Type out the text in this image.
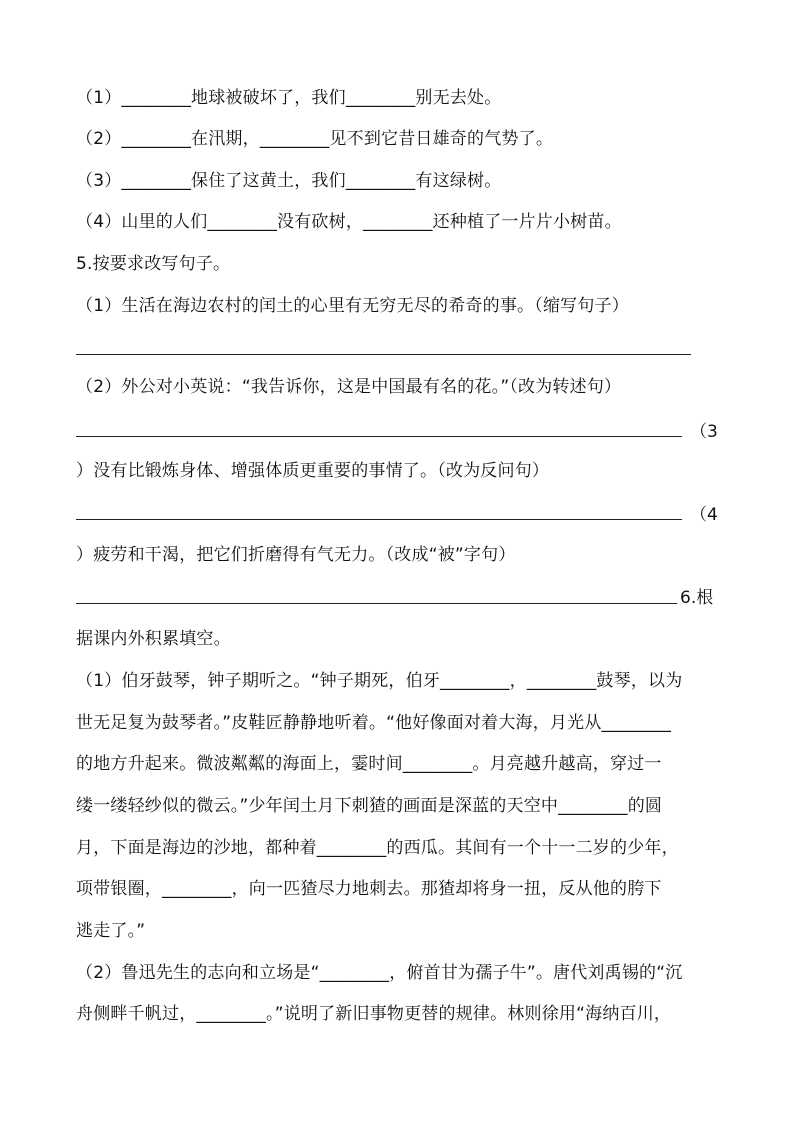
（1）________地球被破坏了，我们________别无去处。
（2）________在汛期，________见不到它昔日雄奇的气势了。
（3）________保住了这黄土，我们________有这绿树。
（4）山里的人们________没有砍树，________还种植了一片片小树苗。
5.按要求改写句子。
（1）生活在海边农村的闰土的心里有无穷无尽的希奇的事。（缩写句子）
（2）外公对小英说：“我告诉你，这是中国最有名的花。”（改为转述句）
（3
）没有比锻炼身体、增强体质更重要的事情了。（改为反问句）
（4
）疲劳和干渴，把它们折磨得有气无力。（改成“被”字句）
6.根
据课内外积累填空。
（1）伯牙鼓琴，钟子期听之。“钟子期死，伯牙________，________鼓琴，以为
世无足复为鼓琴者。”皮鞋匠静静地听着。“他好像面对着大海，月光从________
的地方升起来。微波粼粼的海面上，霎时间________。月亮越升越高，穿过一
缕一缕轻纱似的微云。”少年闰土月下刺猹的画面是深蓝的天空中________的圆
月，下面是海边的沙地，都种着________的西瓜。其间有一个十一二岁的少年，
项带银圈，________，向一匹猹尽力地刺去。那猹却将身一扭，反从他的胯下
逃走了。”
（2）鲁迅先生的志向和立场是“________，俯首甘为孺子牛”。唐代刘禹锡的“沉
舟侧畔千帆过，________。”说明了新旧事物更替的规律。林则徐用“海纳百川，
